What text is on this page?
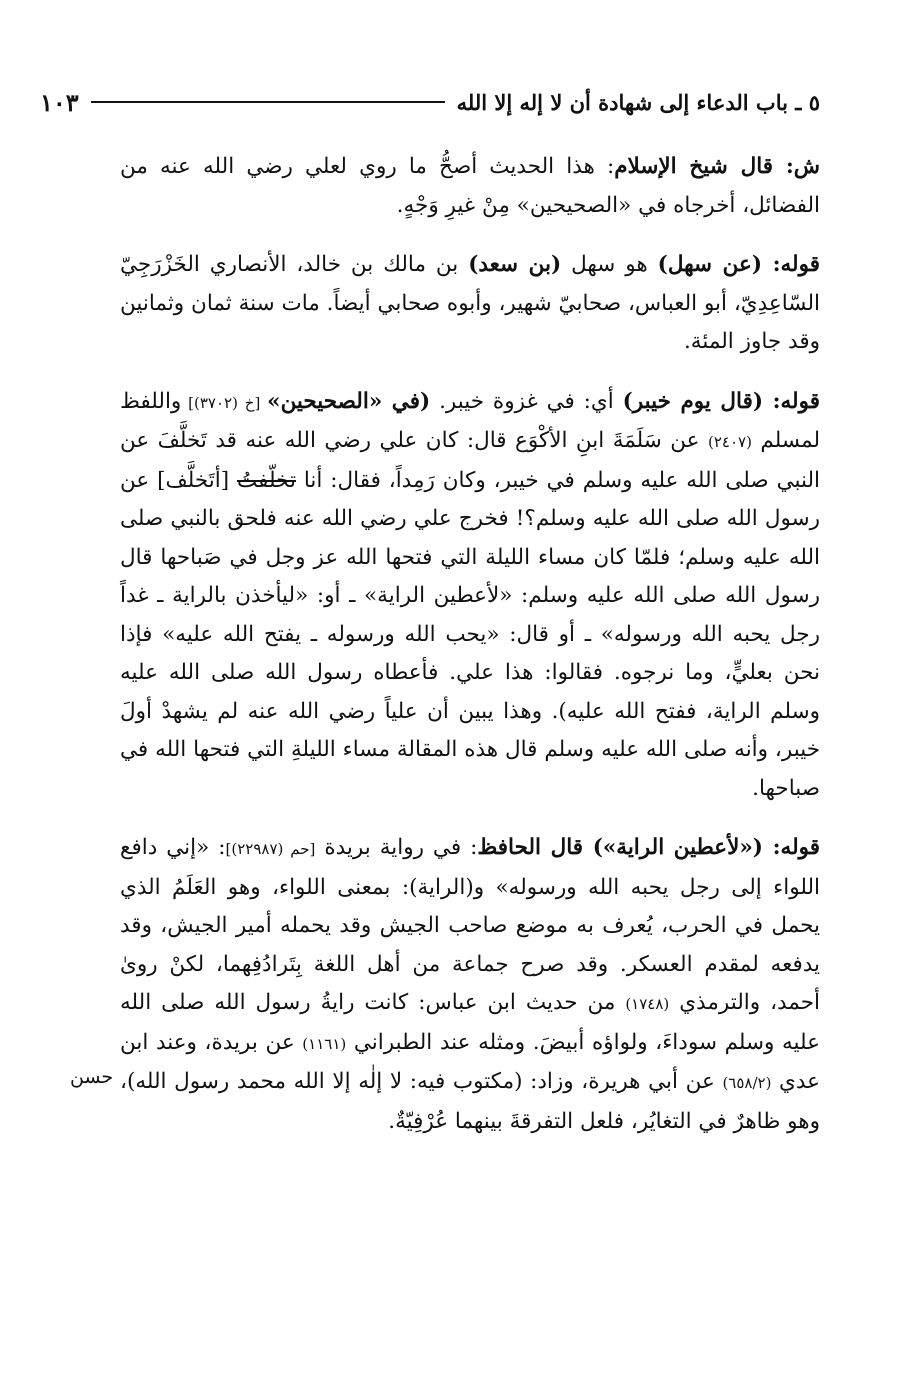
٥ ـ باب الدعاء إلى شهادة أن لا إله إلا الله
١٠٣

ش: قال شيخ الإسلام: هذا الحديث أصحُّ ما روي لعلي رضي الله عنه من الفضائل، أخرجاه في «الصحيحين» مِنْ غيرِ وَجْهٍ.

قوله: (عن سهل) هو سهل (بن سعد) بن مالك بن خالد، الأنصاري الخَزْرَجِيّ السّاعِدِيّ، أبو العباس، صحابيّ شهير، وأبوه صحابي أيضاً. مات سنة ثمان وثمانين وقد جاوز المئة.

قوله: (قال يوم خيبر) أي: في غزوة خيبر. (في «الصحيحين» [خ (٣٧٠٢)] واللفظ لمسلم (٢٤٠٧) عن سَلَمَةَ ابنِ الأكْوَع قال: كان علي رضي الله عنه قد تَخلَّفَ عن النبي صلى الله عليه وسلم في خيبر، وكان رَمِداً، فقال: أنا تخلّفتُ [أتَخلَّف] عن رسول الله صلى الله عليه وسلم؟! فخرج علي رضي الله عنه فلحق بالنبي صلى الله عليه وسلم؛ فلمّا كان مساء الليلة التي فتحها الله عز وجل في صَباحها قال رسول الله صلى الله عليه وسلم: «لأعطين الراية» ـ أو: «ليأخذن بالراية ـ غداً رجل يحبه الله ورسوله» ـ أو قال: «يحب الله ورسوله ـ يفتح الله عليه» فإذا نحن بعليٍّ، وما نرجوه. فقالوا: هذا علي. فأعطاه رسول الله صلى الله عليه وسلم الراية، ففتح الله عليه). وهذا يبين أن علياً رضي الله عنه لم يشهدْ أولَ خيبر، وأنه صلى الله عليه وسلم قال هذه المقالة مساء الليلةِ التي فتحها الله في صباحها.

قوله: («لأعطين الراية») قال الحافظ: في رواية بريدة [حم (٢٢٩٨٧)]: «إني دافع اللواء إلى رجل يحبه الله ورسوله» و(الراية): بمعنى اللواء، وهو العَلَمُ الذي يحمل في الحرب، يُعرف به موضع صاحب الجيش وقد يحمله أمير الجيش، وقد يدفعه لمقدم العسكر. وقد صرح جماعة من أهل اللغة بِتَرادُفِهما، لكنْ روىٰ أحمد، والترمذي (١٧٤٨) من حديث ابن عباس: كانت رايةُ رسول الله صلى الله عليه وسلم سوداءَ، ولواؤه أبيضَ. ومثله عند الطبراني (١١٦١) عن بريدة، وعند ابن عدي (٦٥٨/٢) عن أبي هريرة، وزاد: (مكتوب فيه: لا إلٰه إلا الله محمد رسول الله)، وهو ظاهرٌ في التغايُر، فلعل التفرقةَ بينهما عُرْفِيّةٌ.

حسن
